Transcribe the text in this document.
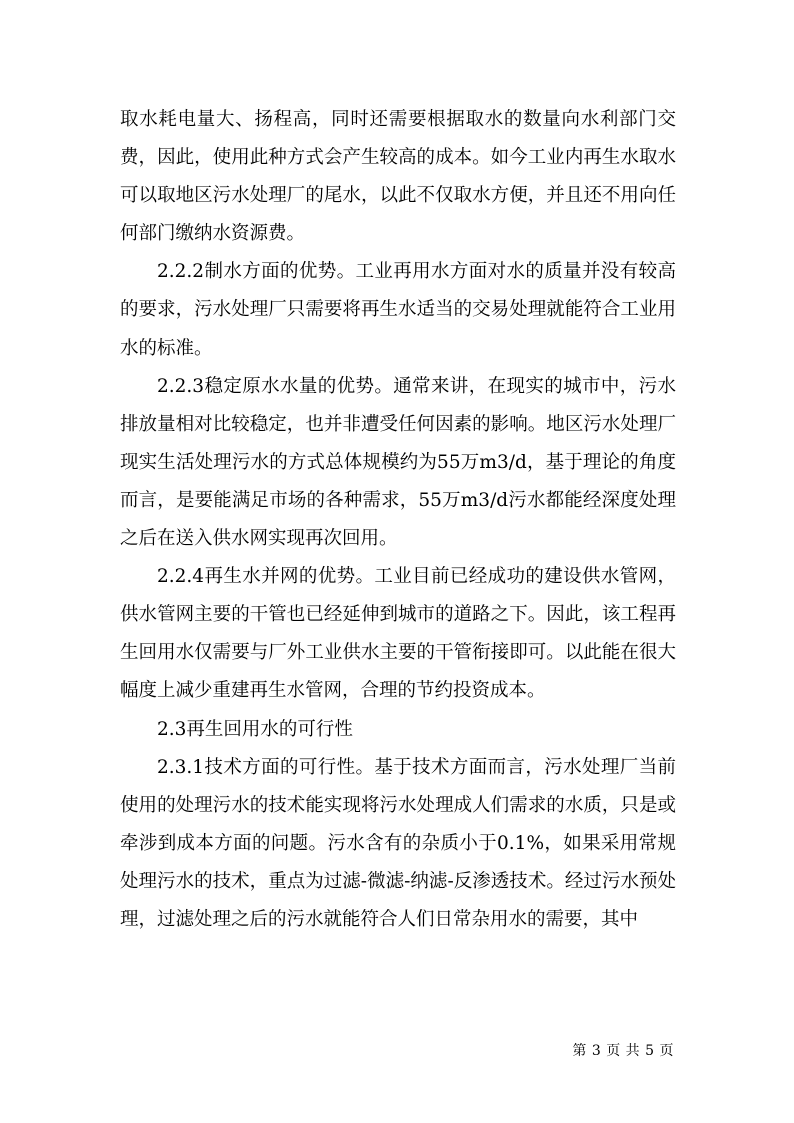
取水耗电量大、扬程高，同时还需要根据取水的数量向水利部门交费，因此，使用此种方式会产生较高的成本。如今工业内再生水取水可以取地区污水处理厂的尾水，以此不仅取水方便，并且还不用向任何部门缴纳水资源费。

2.2.2制水方面的优势。工业再用水方面对水的质量并没有较高的要求，污水处理厂只需要将再生水适当的交易处理就能符合工业用水的标准。

2.2.3稳定原水水量的优势。通常来讲，在现实的城市中，污水排放量相对比较稳定，也并非遭受任何因素的影响。地区污水处理厂现实生活处理污水的方式总体规模约为55万m3/d，基于理论的角度而言，是要能满足市场的各种需求，55万m3/d污水都能经深度处理之后在送入供水网实现再次回用。

2.2.4再生水并网的优势。工业目前已经成功的建设供水管网，供水管网主要的干管也已经延伸到城市的道路之下。因此，该工程再生回用水仅需要与厂外工业供水主要的干管衔接即可。以此能在很大幅度上减少重建再生水管网，合理的节约投资成本。

2.3再生回用水的可行性

2.3.1技术方面的可行性。基于技术方面而言，污水处理厂当前使用的处理污水的技术能实现将污水处理成人们需求的水质，只是或牵涉到成本方面的问题。污水含有的杂质小于0.1%，如果采用常规处理污水的技术，重点为过滤-微滤-纳滤-反渗透技术。经过污水预处理，过滤处理之后的污水就能符合人们日常杂用水的需要，其中

第 3 页 共 5 页
